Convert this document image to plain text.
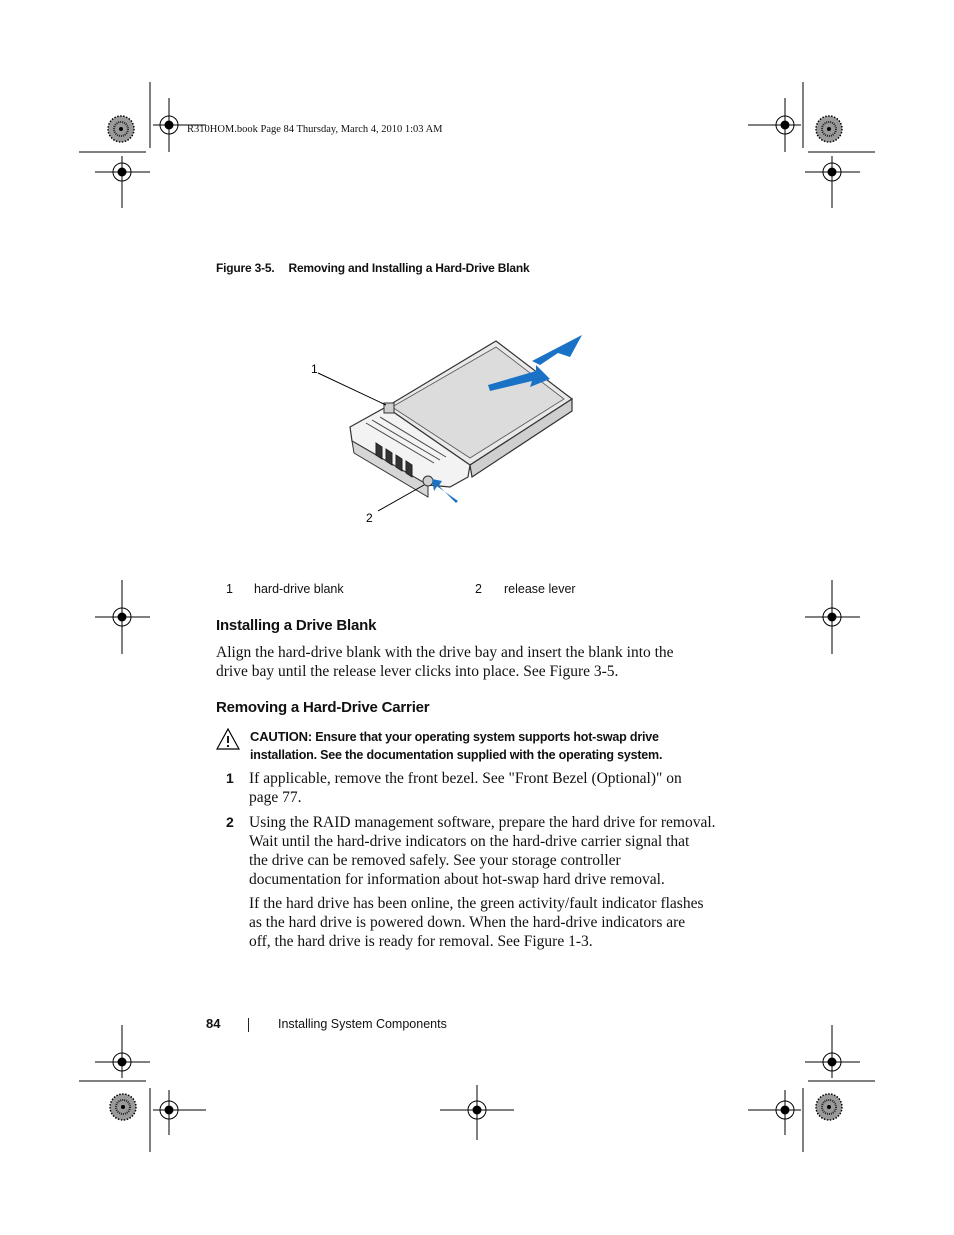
R310HOM.book Page 84 Thursday, March 4, 2010 1:03 AM
Figure 3-5. Removing and Installing a Hard-Drive Blank
1
2
1 hard-drive blank	2 release lever
Installing a Drive Blank
Align the hard-drive blank with the drive bay and insert the blank into the
drive bay until the release lever clicks into place. See Figure 3-5.
Removing a Hard-Drive Carrier
CAUTION: Ensure that your operating system supports hot-swap drive
installation. See the documentation supplied with the operating system.
1 If applicable, remove the front bezel. See "Front Bezel (Optional)" on
page 77.
2 Using the RAID management software, prepare the hard drive for removal.
Wait until the hard-drive indicators on the hard-drive carrier signal that
the drive can be removed safely. See your storage controller
documentation for information about hot-swap hard drive removal.
If the hard drive has been online, the green activity/fault indicator flashes
as the hard drive is powered down. When the hard-drive indicators are
off, the hard drive is ready for removal. See Figure 1-3.
84	Installing System Components
